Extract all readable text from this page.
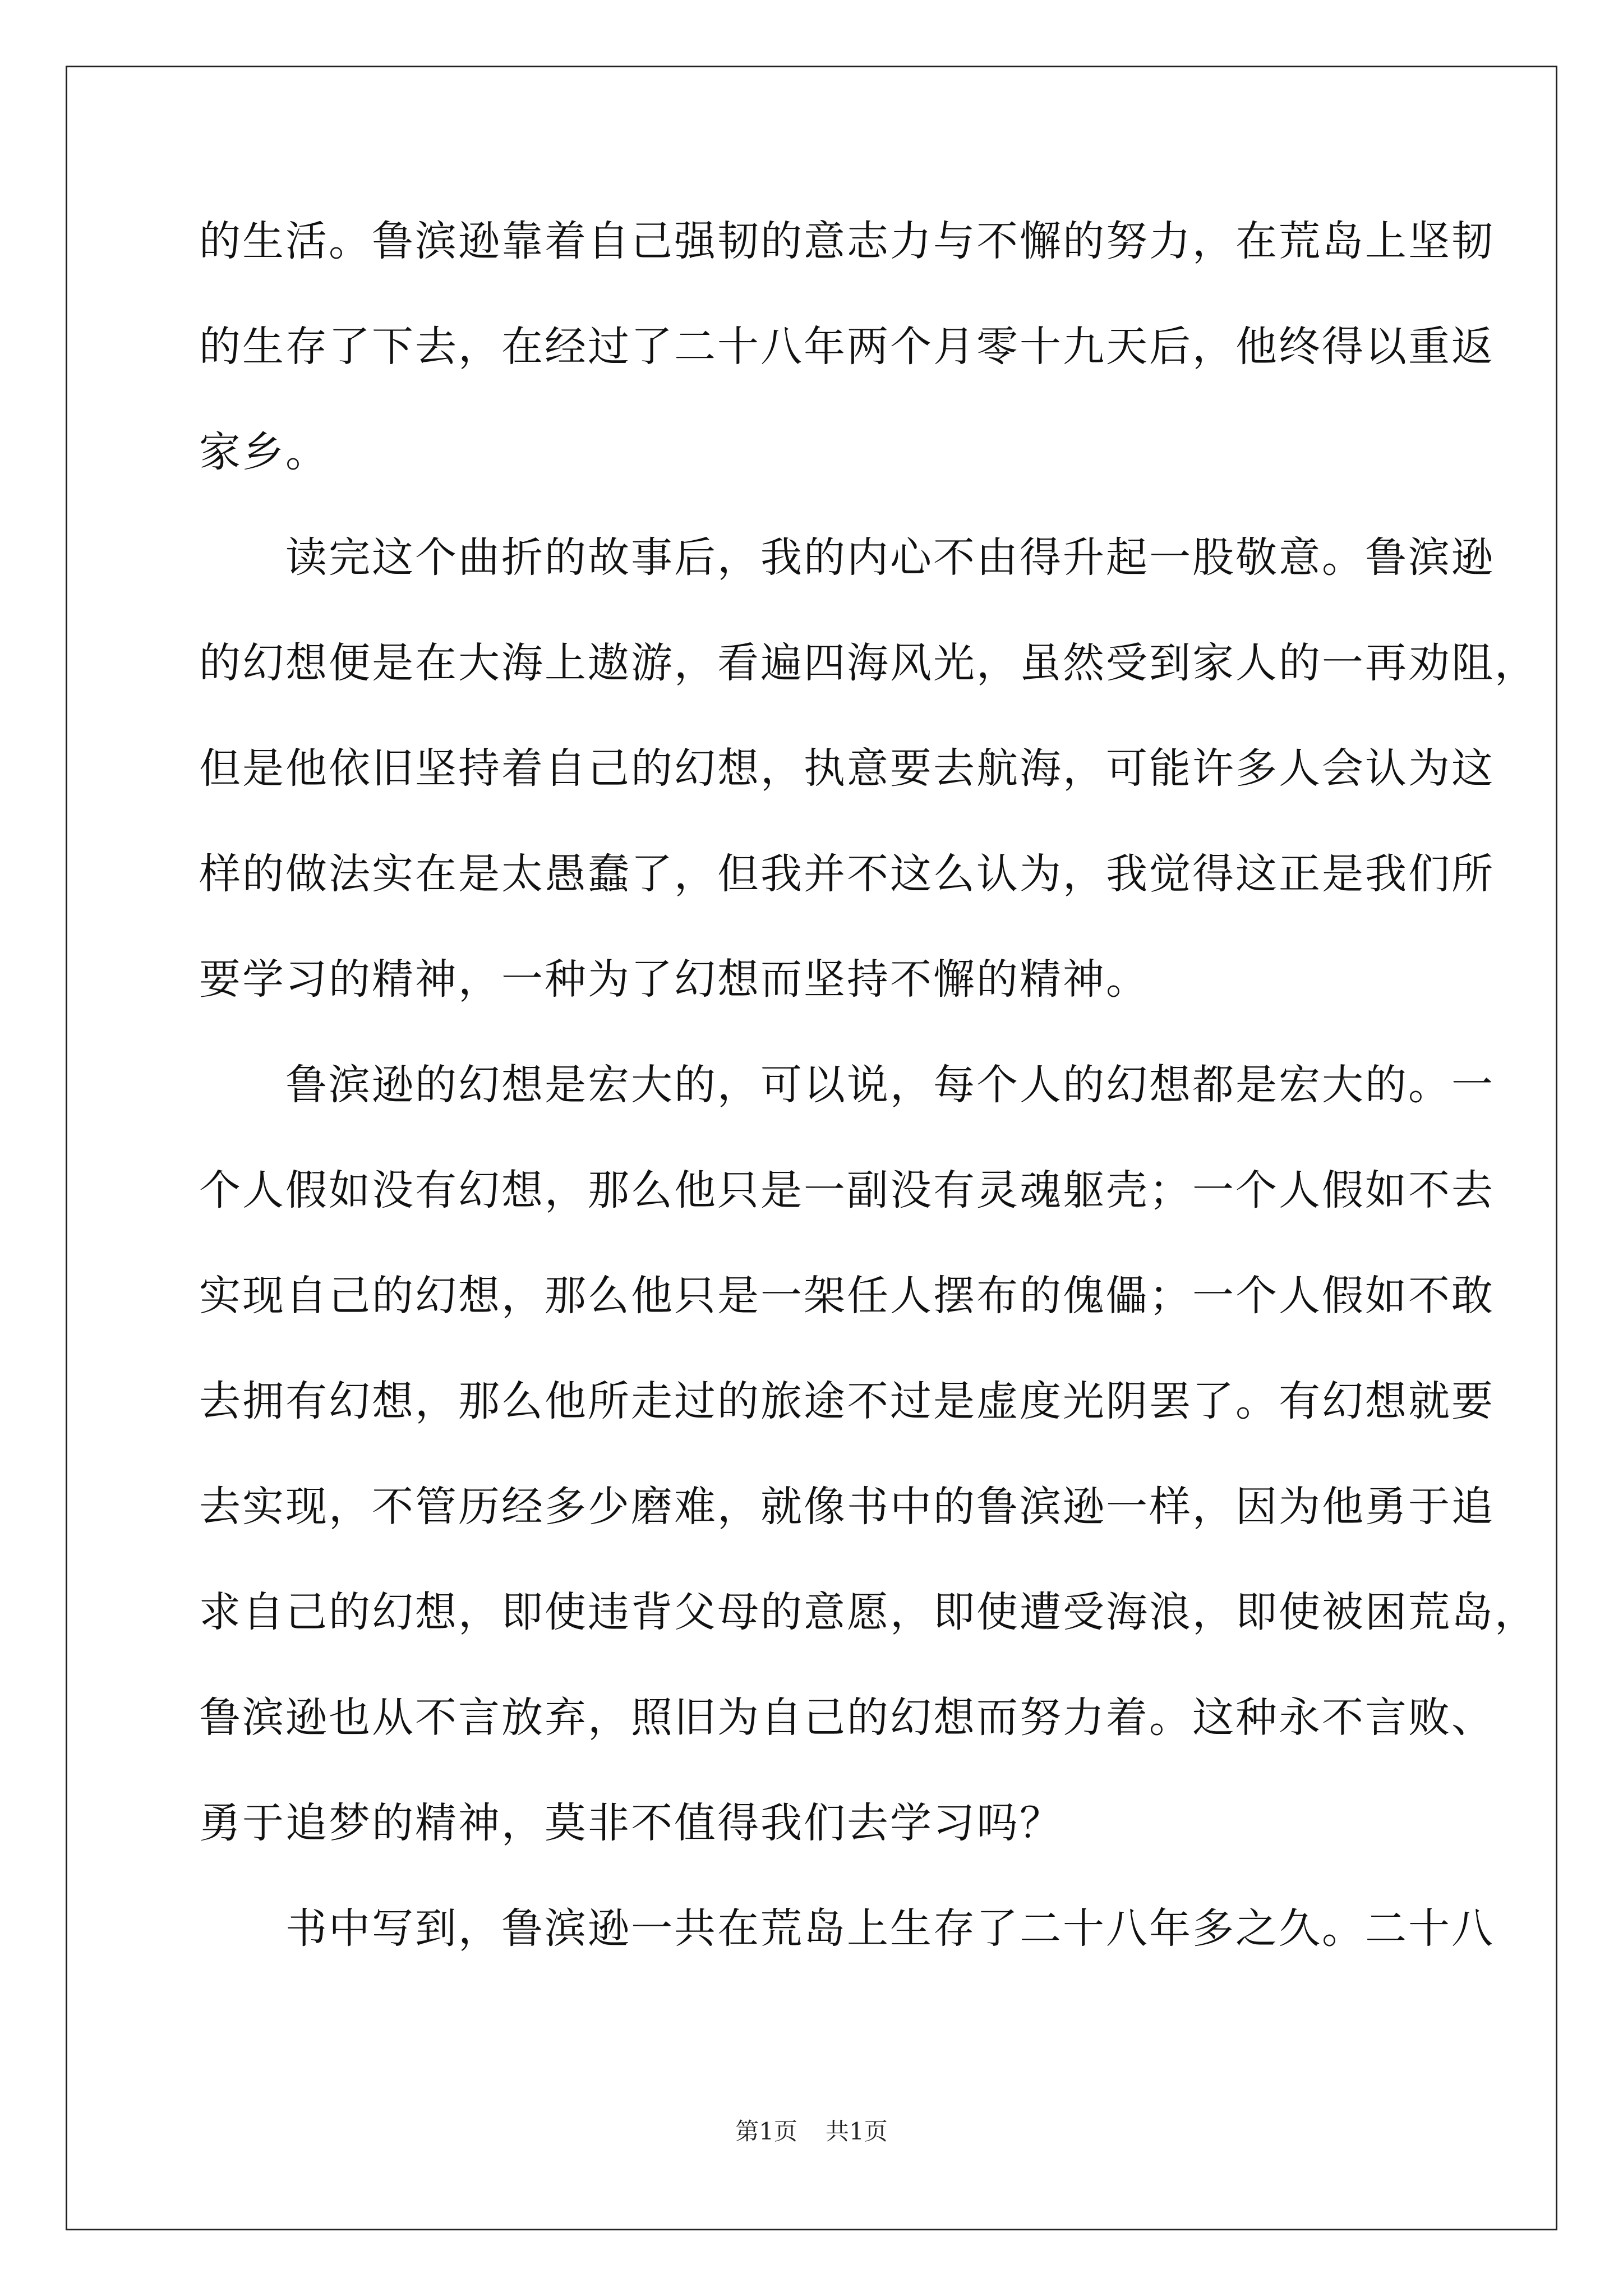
的生活。鲁滨逊靠着自己强韧的意志力与不懈的努力，在荒岛上坚韧
的生存了下去，在经过了二十八年两个月零十九天后，他终得以重返
家乡。
　　读完这个曲折的故事后，我的内心不由得升起一股敬意。鲁滨逊
的幻想便是在大海上遨游，看遍四海风光，虽然受到家人的一再劝阻，
但是他依旧坚持着自己的幻想，执意要去航海，可能许多人会认为这
样的做法实在是太愚蠢了，但我并不这么认为，我觉得这正是我们所
要学习的精神，一种为了幻想而坚持不懈的精神。
　　鲁滨逊的幻想是宏大的，可以说，每个人的幻想都是宏大的。一
个人假如没有幻想，那么他只是一副没有灵魂躯壳；一个人假如不去
实现自己的幻想，那么他只是一架任人摆布的傀儡；一个人假如不敢
去拥有幻想，那么他所走过的旅途不过是虚度光阴罢了。有幻想就要
去实现，不管历经多少磨难，就像书中的鲁滨逊一样，因为他勇于追
求自己的幻想，即使违背父母的意愿，即使遭受海浪，即使被困荒岛，
鲁滨逊也从不言放弃，照旧为自己的幻想而努力着。这种永不言败、
勇于追梦的精神，莫非不值得我们去学习吗？
　　书中写到，鲁滨逊一共在荒岛上生存了二十八年多之久。二十八
第1页 共1页
